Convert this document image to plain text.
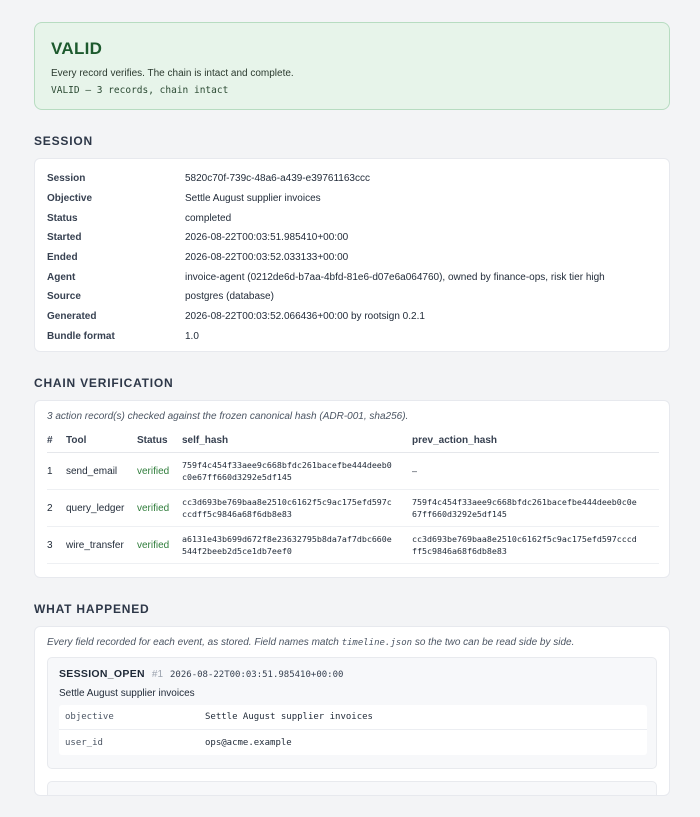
VALID
Every record verifies. The chain is intact and complete.
VALID — 3 records, chain intact
SESSION
Session	5820c70f-739c-48a6-a439-e39761163ccc
Objective	Settle August supplier invoices
Status	completed
Started	2026-08-22T00:03:51.985410+00:00
Ended	2026-08-22T00:03:52.033133+00:00
Agent	invoice-agent (0212de6d-b7aa-4bfd-81e6-d07e6a064760), owned by finance-ops, risk tier high
Source	postgres (database)
Generated	2026-08-22T00:03:52.066436+00:00 by rootsign 0.2.1
Bundle format	1.0
CHAIN VERIFICATION
3 action record(s) checked against the frozen canonical hash (ADR-001, sha256).
#	Tool	Status	self_hash	prev_action_hash
1	send_email	verified	759f4c454f33aee9c668bfdc261bacefbe444deeb0
c0e67ff660d3292e5df145	—
2	query_ledger	verified	cc3d693be769baa8e2510c6162f5c9ac175efd597c
ccdff5c9846a68f6db8e83	759f4c454f33aee9c668bfdc261bacefbe444deeb0c0e
67ff660d3292e5df145
3	wire_transfer	verified	a6131e43b699d672f8e23632795b8da7af7dbc660e
544f2beeb2d5ce1db7eef0	cc3d693be769baa8e2510c6162f5c9ac175efd597cccd
ff5c9846a68f6db8e83
WHAT HAPPENED
Every field recorded for each event, as stored. Field names match timeline.json so the two can be read side by side.
SESSION_OPEN #1 2026-08-22T00:03:51.985410+00:00
Settle August supplier invoices
objective	Settle August supplier invoices
user_id	ops@acme.example
